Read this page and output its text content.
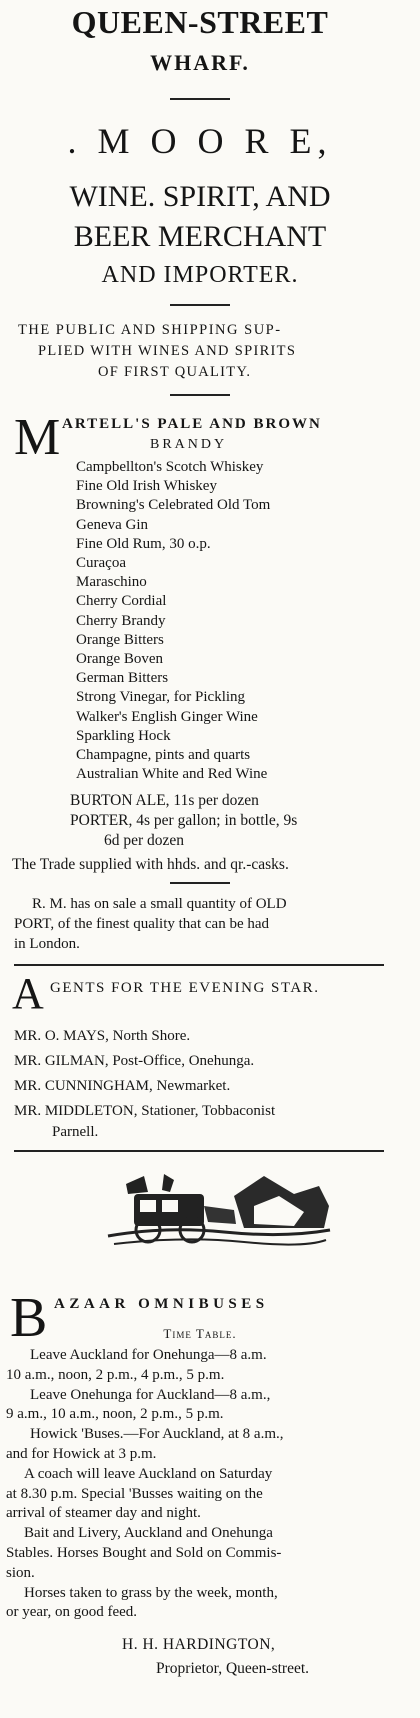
QUEEN-STREET
WHARF.
. M O O R E,
WINE. SPIRIT, AND
BEER MERCHANT
AND IMPORTER.
THE PUBLIC AND SHIPPING SUP-
PLIED WITH WINES AND SPIRITS
OF FIRST QUALITY.
M ARTELL'S PALE AND BROWN
BRANDY
Campbellton's Scotch Whiskey
Fine Old Irish Whiskey
Browning's Celebrated Old Tom
Geneva Gin
Fine Old Rum, 30 o.p.
Curaçoa
Maraschino
Cherry Cordial
Cherry Brandy
Orange Bitters
Orange Boven
German Bitters
Strong Vinegar, for Pickling
Walker's English Ginger Wine
Sparkling Hock
Champagne, pints and quarts
Australian White and Red Wine
BURTON ALE, 11s per dozen
PORTER, 4s per gallon; in bottle, 9s
6d per dozen
The Trade supplied with hhds. and qr.-casks.
R. M. has on sale a small quantity of OLD
PORT, of the finest quality that can be had
in London.
A GENTS FOR THE EVENING STAR.
MR. O. MAYS, North Shore.
MR. GILMAN, Post-Office, Onehunga.
MR. CUNNINGHAM, Newmarket.
MR. MIDDLETON, Stationer, Tobbaconist
Parnell.
B AZAAR OMNIBUSES
Time Table.
Leave Auckland for Onehunga—8 a.m.
10 a.m., noon, 2 p.m., 4 p.m., 5 p.m.
Leave Onehunga for Auckland—8 a.m.,
9 a.m., 10 a.m., noon, 2 p.m., 5 p.m.
Howick 'Buses.—For Auckland, at 8 a.m.,
and for Howick at 3 p.m.
A coach will leave Auckland on Saturday
at 8.30 p.m. Special 'Busses waiting on the
arrival of steamer day and night.
Bait and Livery, Auckland and Onehunga
Stables. Horses Bought and Sold on Commis-
sion.
Horses taken to grass by the week, month,
or year, on good feed.
H. H. HARDINGTON,
Proprietor, Queen-street.
